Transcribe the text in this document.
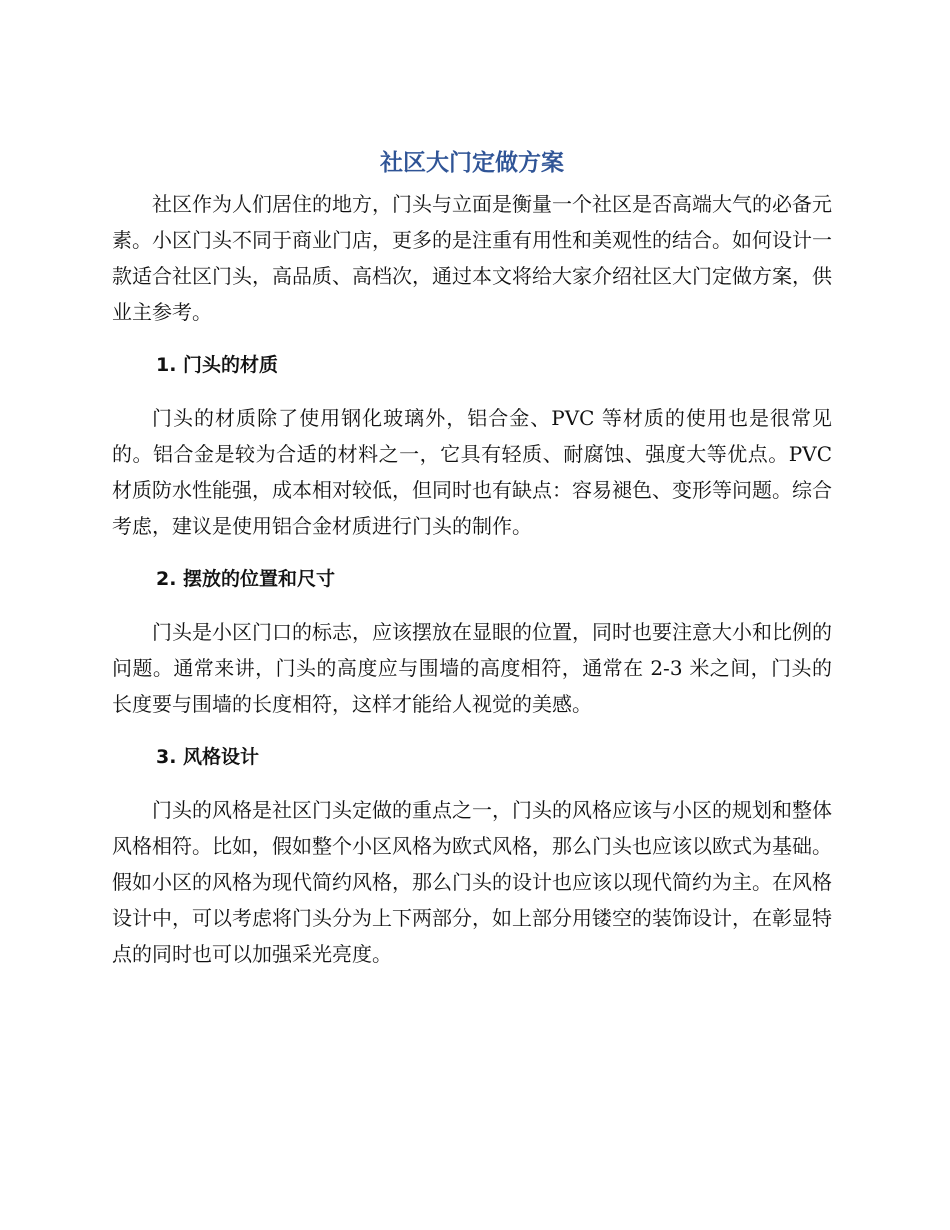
社区大门定做方案

社区作为人们居住的地方，门头与立面是衡量一个社区是否高端大气的必备元素。小区门头不同于商业门店，更多的是注重有用性和美观性的结合。如何设计一款适合社区门头，高品质、高档次，通过本文将给大家介绍社区大门定做方案，供业主参考。

1. 门头的材质

门头的材质除了使用钢化玻璃外，铝合金、PVC 等材质的使用也是很常见的。铝合金是较为合适的材料之一，它具有轻质、耐腐蚀、强度大等优点。PVC 材质防水性能强，成本相对较低，但同时也有缺点：容易褪色、变形等问题。综合考虑，建议是使用铝合金材质进行门头的制作。

2. 摆放的位置和尺寸

门头是小区门口的标志，应该摆放在显眼的位置，同时也要注意大小和比例的问题。通常来讲，门头的高度应与围墙的高度相符，通常在 2-3 米之间，门头的长度要与围墙的长度相符，这样才能给人视觉的美感。

3. 风格设计

门头的风格是社区门头定做的重点之一，门头的风格应该与小区的规划和整体风格相符。比如，假如整个小区风格为欧式风格，那么门头也应该以欧式为基础。假如小区的风格为现代简约风格，那么门头的设计也应该以现代简约为主。在风格设计中，可以考虑将门头分为上下两部分，如上部分用镂空的装饰设计，在彰显特点的同时也可以加强采光亮度。
